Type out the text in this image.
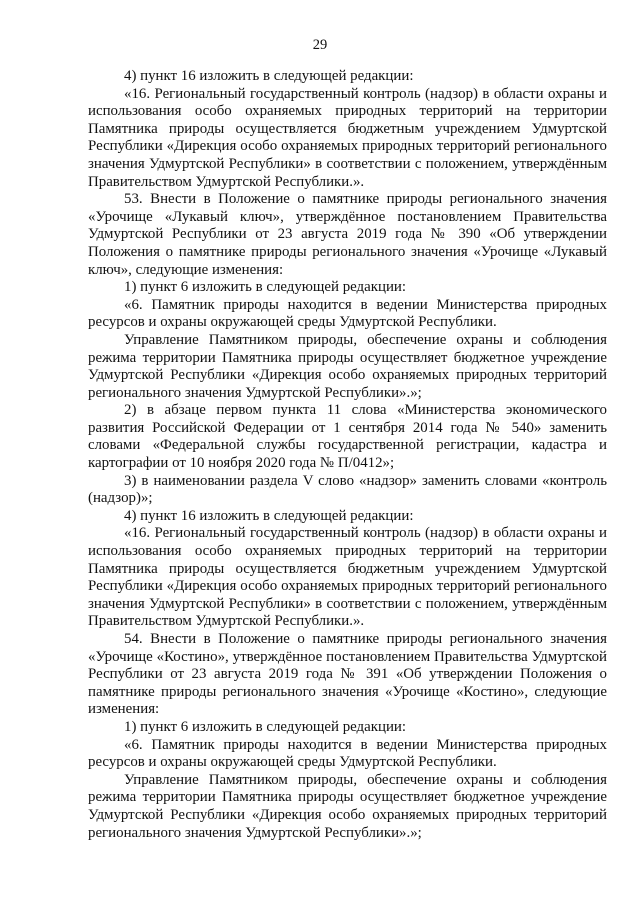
29

4) пункт 16 изложить в следующей редакции:

«16. Региональный государственный контроль (надзор) в области охраны и использования особо охраняемых природных территорий на территории Памятника природы осуществляется бюджетным учреждением Удмуртской Республики «Дирекция особо охраняемых природных территорий регионального значения Удмуртской Республики» в соответствии с положением, утверждённым Правительством Удмуртской Республики.».

53. Внести в Положение о памятнике природы регионального значения «Урочище «Лукавый ключ», утверждённое постановлением Правительства Удмуртской Республики от 23 августа 2019 года № 390 «Об утверждении Положения о памятнике природы регионального значения «Урочище «Лукавый ключ», следующие изменения:

1) пункт 6 изложить в следующей редакции:

«6. Памятник природы находится в ведении Министерства природных ресурсов и охраны окружающей среды Удмуртской Республики.

Управление Памятником природы, обеспечение охраны и соблюдения режима территории Памятника природы осуществляет бюджетное учреждение Удмуртской Республики «Дирекция особо охраняемых природных территорий регионального значения Удмуртской Республики».»;

2) в абзаце первом пункта 11 слова «Министерства экономического развития Российской Федерации от 1 сентября 2014 года № 540» заменить словами «Федеральной службы государственной регистрации, кадастра и картографии от 10 ноября 2020 года № П/0412»;

3) в наименовании раздела V слово «надзор» заменить словами «контроль (надзор)»;

4) пункт 16 изложить в следующей редакции:

«16. Региональный государственный контроль (надзор) в области охраны и использования особо охраняемых природных территорий на территории Памятника природы осуществляется бюджетным учреждением Удмуртской Республики «Дирекция особо охраняемых природных территорий регионального значения Удмуртской Республики» в соответствии с положением, утверждённым Правительством Удмуртской Республики.».

54. Внести в Положение о памятнике природы регионального значения «Урочище «Костино», утверждённое постановлением Правительства Удмуртской Республики от 23 августа 2019 года № 391 «Об утверждении Положения о памятнике природы регионального значения «Урочище «Костино», следующие изменения:

1) пункт 6 изложить в следующей редакции:

«6. Памятник природы находится в ведении Министерства природных ресурсов и охраны окружающей среды Удмуртской Республики.

Управление Памятником природы, обеспечение охраны и соблюдения режима территории Памятника природы осуществляет бюджетное учреждение Удмуртской Республики «Дирекция особо охраняемых природных территорий регионального значения Удмуртской Республики».»;
